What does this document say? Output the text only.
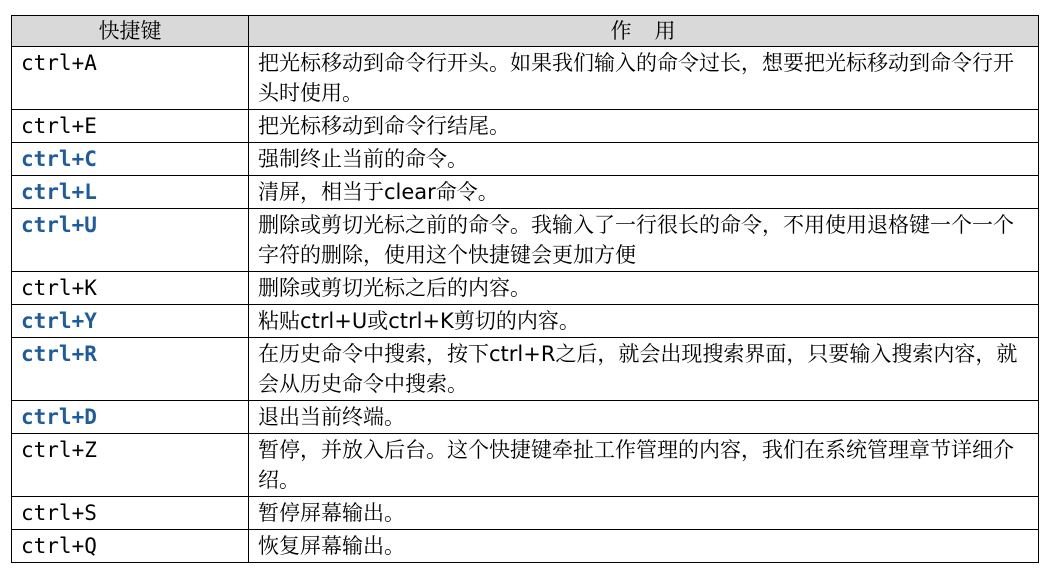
快捷键	作　用
ctrl+A	把光标移动到命令行开头。如果我们输入的命令过长，想要把光标移动到命令行开头时使用。
ctrl+E	把光标移动到命令行结尾。
ctrl+C	强制终止当前的命令。
ctrl+L	清屏，相当于clear命令。
ctrl+U	删除或剪切光标之前的命令。我输入了一行很长的命令，不用使用退格键一个一个字符的删除，使用这个快捷键会更加方便
ctrl+K	删除或剪切光标之后的内容。
ctrl+Y	粘贴ctrl+U或ctrl+K剪切的内容。
ctrl+R	在历史命令中搜索，按下ctrl+R之后，就会出现搜索界面，只要输入搜索内容，就会从历史命令中搜索。
ctrl+D	退出当前终端。
ctrl+Z	暂停，并放入后台。这个快捷键牵扯工作管理的内容，我们在系统管理章节详细介绍。
ctrl+S	暂停屏幕输出。
ctrl+Q	恢复屏幕输出。
